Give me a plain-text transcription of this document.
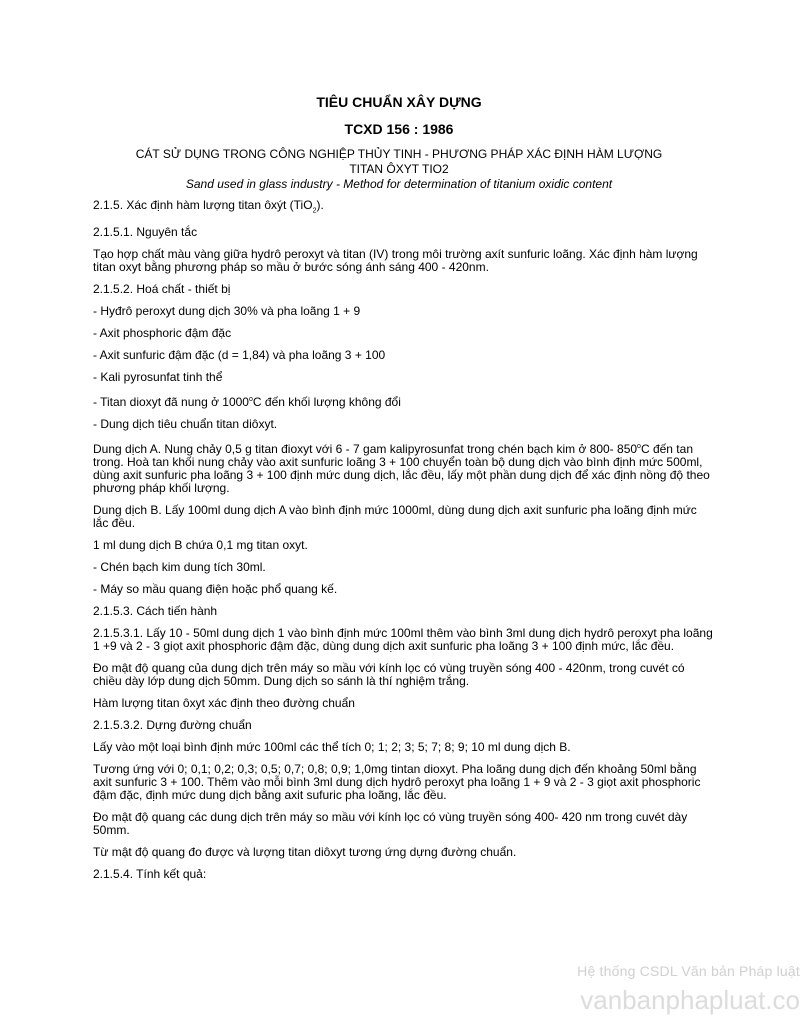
TIÊU CHUẨN XÂY DỰNG
TCXD 156 : 1986
CÁT SỬ DỤNG TRONG CÔNG NGHIỆP THỦY TINH - PHƯƠNG PHÁP XÁC ĐỊNH HÀM LƯỢNG
TITAN ÔXYT TIO2
Sand used in glass industry - Method for determination of titanium oxidic content

2.1.5. Xác định hàm lượng titan ôxýt (TiO$_2$).

2.1.5.1. Nguyên tắc

Tạo hợp chất màu vàng giữa hydrô peroxyt và titan (IV) trong môi trường axít sunfuric loãng. Xác định hàm lượng titan oxyt bằng phương pháp so mầu ở bước sóng ánh sáng 400 - 420nm.

2.1.5.2. Hoá chất - thiết bị

- Hyđrô peroxyt dung dịch 30% và pha loãng 1 + 9

- Axit phosphoric đậm đặc

- Axit sunfuric đậm đặc (d = 1,84) và pha loãng 3 + 100

- Kali pyrosunfat tinh thể

- Titan dioxyt đã nung ở 1000$^o$C đến khối lượng không đổi

- Dung dịch tiêu chuẩn titan diôxyt.

Dung dịch A. Nung chảy 0,5 g titan đioxyt với 6 - 7 gam kalipyrosunfat trong chén bạch kim ở 800- 850$^o$C đến tan trong. Hoà tan khối nung chảy vào axit sunfuric loãng 3 + 100 chuyển toàn bộ dung dịch vào bình định mức 500ml, dùng axit sunfuric pha loãng 3 + 100 định mức dung dịch, lắc đều, lấy một phần dung dịch để xác định nồng độ theo phương pháp khối lượng.

Dung dịch B. Lấy 100ml dung dịch A vào bình định mức 1000ml, dùng dung dịch axit sunfuric pha loãng định mức lắc đều.

1 ml dung dịch B chứa 0,1 mg titan oxyt.

- Chén bạch kim dung tích 30ml.

- Máy so mầu quang điện hoặc phổ quang kế.

2.1.5.3. Cách tiến hành

2.1.5.3.1. Lấy 10 - 50ml dung dịch 1 vào bình định mức 100ml thêm vào bình 3ml dung dịch hydrô peroxyt pha loãng 1 +9 và 2 - 3 giọt axit phosphoric đậm đặc, dùng dung dịch axit sunfuric pha loãng 3 + 100 định mức, lắc đều.

Đo mật độ quang của dung dịch trên máy so mầu với kính lọc có vùng truyền sóng 400 - 420nm, trong cuvét có chiều dày lớp dung dịch 50mm. Dung dịch so sánh là thí nghiệm trắng.

Hàm lượng titan ôxyt xác định theo đường chuẩn

2.1.5.3.2. Dựng đường chuẩn

Lấy vào một loại bình định mức 100ml các thể tích 0; 1; 2; 3; 5; 7; 8; 9; 10 ml dung dịch B.

Tương ứng với 0; 0,1; 0,2; 0,3; 0,5; 0,7; 0,8; 0,9; 1,0mg tintan dioxyt. Pha loãng dung dịch đến khoảng 50ml bằng axit sunfuric 3 + 100. Thêm vào mỗi bình 3ml dung dịch hydrô peroxyt pha loãng 1 + 9 và 2 - 3 giọt axit phosphoric đậm đặc, định mức dung dịch bằng axit sufuric pha loãng, lắc đều.

Đo mật độ quang các dung dịch trên máy so mầu với kính lọc có vùng truyền sóng 400- 420 nm trong cuvét dày 50mm.

Từ mật độ quang đo được và lượng titan diôxyt tương ứng dựng đường chuẩn.

2.1.5.4. Tính kết quả:

Hệ thống CSDL Văn bản Pháp luật
vanbanphapluat.co
